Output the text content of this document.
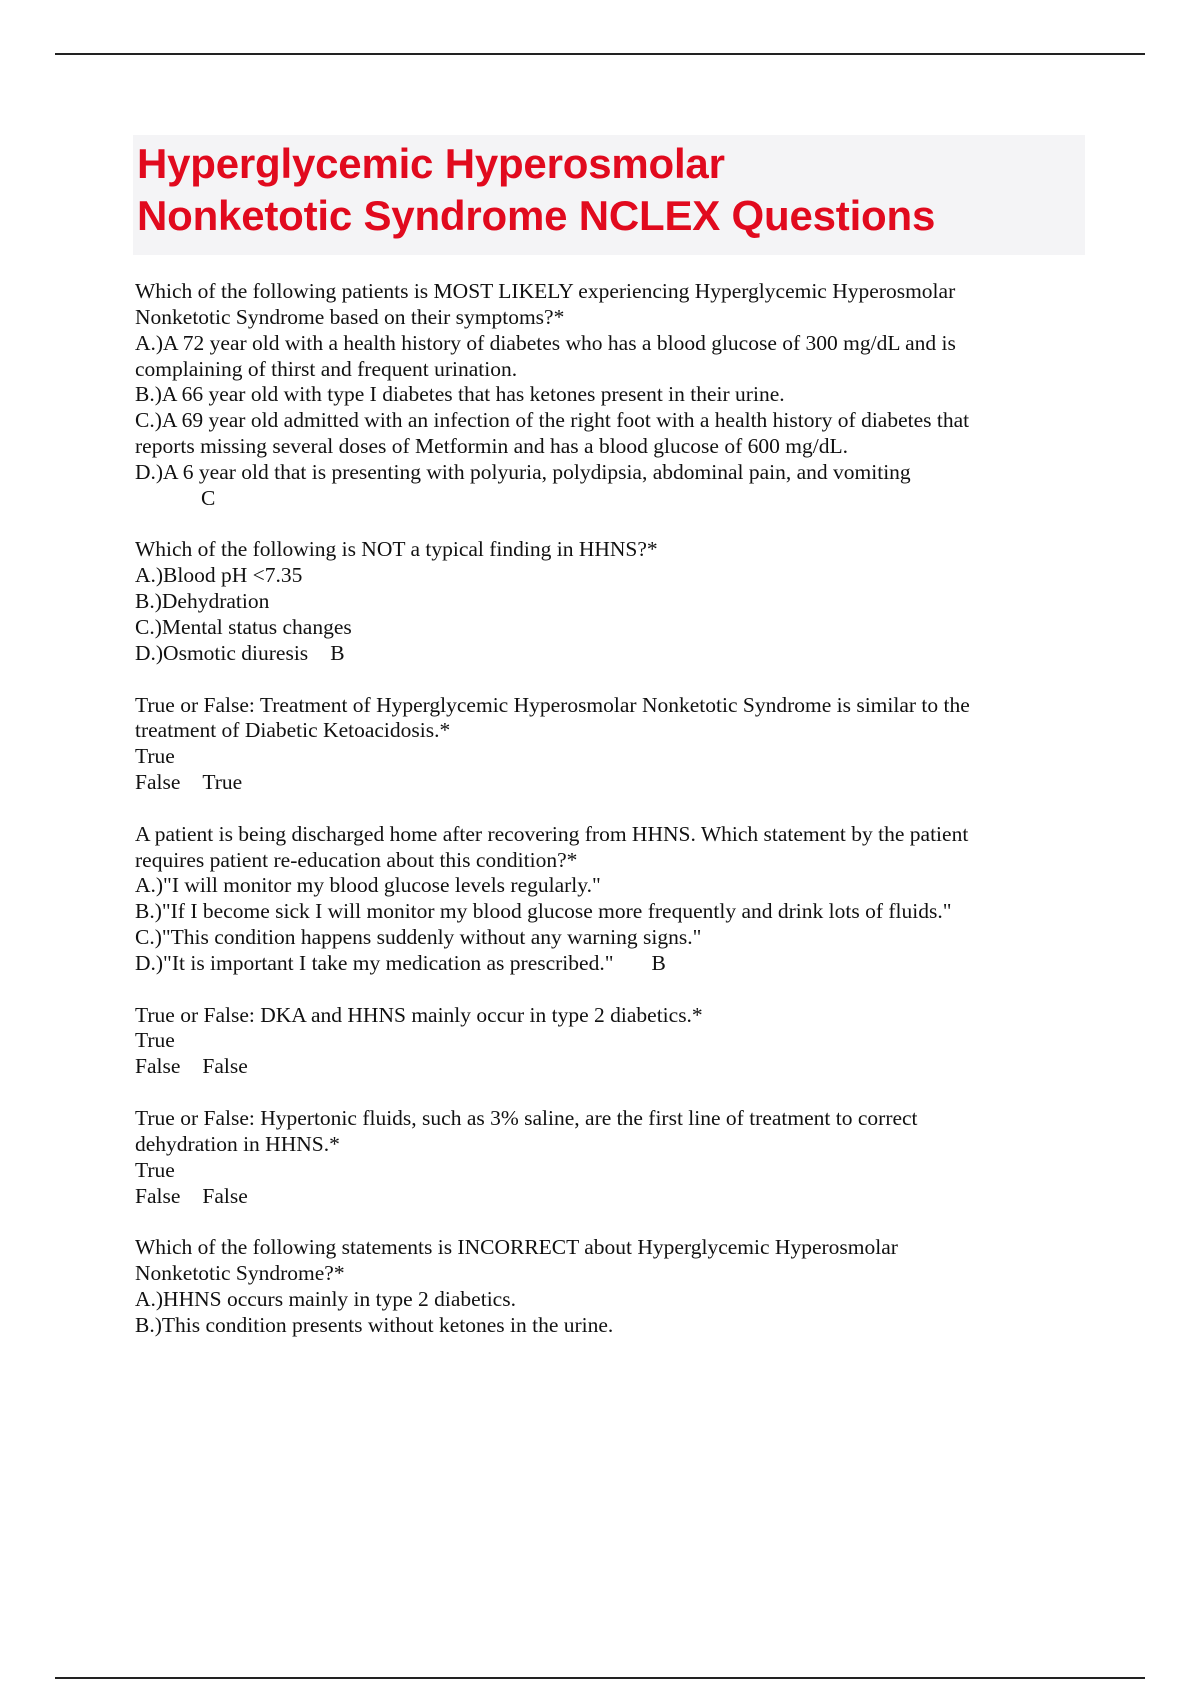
Hyperglycemic Hyperosmolar
Nonketotic Syndrome NCLEX Questions
Which of the following patients is MOST LIKELY experiencing Hyperglycemic Hyperosmolar
Nonketotic Syndrome based on their symptoms?*
A.)A 72 year old with a health history of diabetes who has a blood glucose of 300 mg/dL and is
complaining of thirst and frequent urination.
B.)A 66 year old with type I diabetes that has ketones present in their urine.
C.)A 69 year old admitted with an infection of the right foot with a health history of diabetes that
reports missing several doses of Metformin and has a blood glucose of 600 mg/dL.
D.)A 6 year old that is presenting with polyuria, polydipsia, abdominal pain, and vomiting
C
Which of the following is NOT a typical finding in HHNS?*
A.)Blood pH <7.35
B.)Dehydration
C.)Mental status changes
D.)Osmotic diuresis B
True or False: Treatment of Hyperglycemic Hyperosmolar Nonketotic Syndrome is similar to the
treatment of Diabetic Ketoacidosis.*
True
False True
A patient is being discharged home after recovering from HHNS. Which statement by the patient
requires patient re-education about this condition?*
A.)"I will monitor my blood glucose levels regularly."
B.)"If I become sick I will monitor my blood glucose more frequently and drink lots of fluids."
C.)"This condition happens suddenly without any warning signs."
D.)"It is important I take my medication as prescribed." B
True or False: DKA and HHNS mainly occur in type 2 diabetics.*
True
False False
True or False: Hypertonic fluids, such as 3% saline, are the first line of treatment to correct
dehydration in HHNS.*
True
False False
Which of the following statements is INCORRECT about Hyperglycemic Hyperosmolar
Nonketotic Syndrome?*
A.)HHNS occurs mainly in type 2 diabetics.
B.)This condition presents without ketones in the urine.
